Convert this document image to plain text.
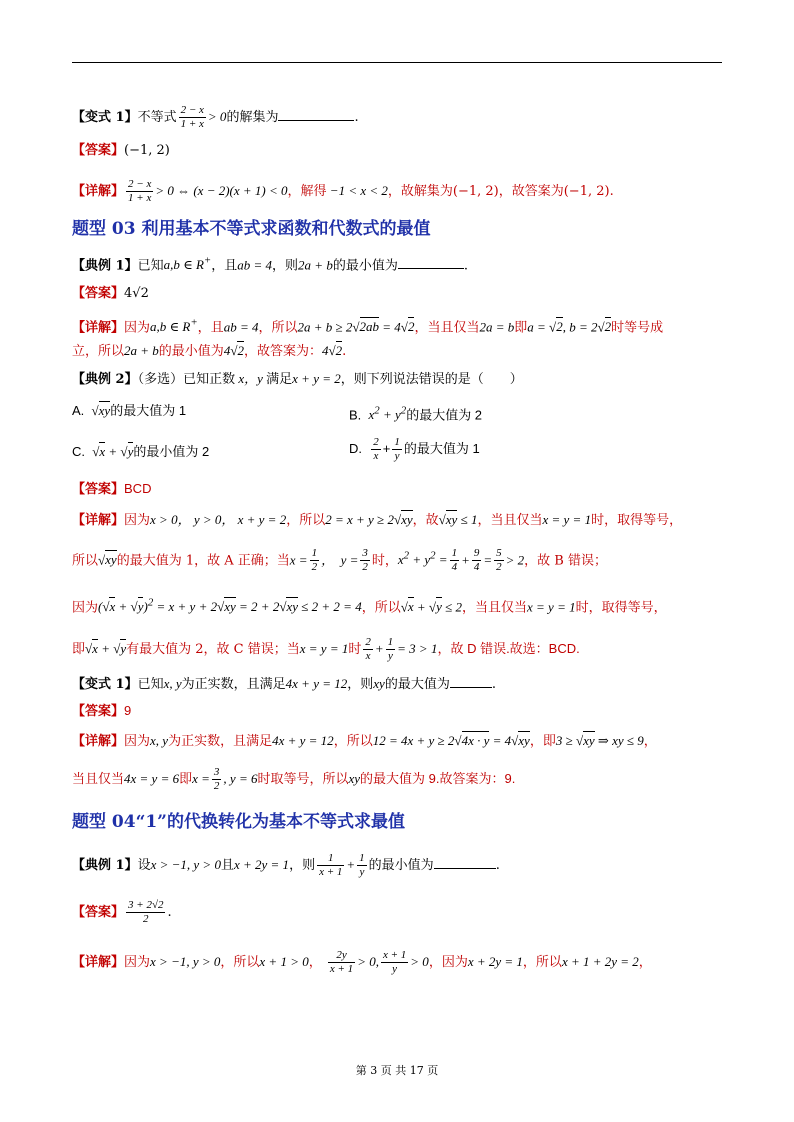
【变式 1】不等式 $\frac{2 - x}{1 + x} > 0$的解集为	.
【答案】(−1, 2)
【详解】 $\frac{2 - x}{1 + x} > 0$ ⇔ (x − 2)(x + 1) < 0，解得 −1 < x < 2，故解集为(−1, 2)，故答案为(−1, 2).
题型 03 利用基本不等式求函数和代数式的最值
【典例 1】已知a,b ∈ R+，且ab = 4，则2a + b的最小值为	.
【答案】4√2
【详解】因为a,b ∈ R+，且ab = 4，所以2a + b ≥ 2√2ab = 4√2，当且仅当2a = b即a = √2, b = 2√2时等号成
立，所以2a + b的最小值为4√2，故答案为：4√2.
【典例 2】（多选）已知正数 x，y 满足x + y = 2，则下列说法错误的是（　　）
A.  √xy的最大值为 1	B.  $x^2 + y^2$的最大值为 2
C.  √x + √y的最小值为 2	D. $\frac{2}{x} + \frac{1}{y}$ 的最大值为 1
【答案】BCD
【详解】因为x > 0， y > 0， x + y = 2，所以2 = x + y ≥ 2√xy，故√xy ≤ 1，当且仅当x = y = 1时，取得等号，
所以√xy的最大值为 1，故 A 正确；当$x = \frac{1}{2}$ ，  $y = \frac{3}{2}$ 时，$x^2 + y^2 = \frac{1}{4} + \frac{9}{4} = \frac{5}{2} > 2$，故 B 错误；
因为$(√x + √y)^2 = x + y + 2√xy = 2 + 2√xy \le 2 + 2 = 4$，所以√x + √y ≤ 2，当且仅当x = y = 1时，取得等号，
即√x + √y有最大值为 2，故 C 错误；当x = y = 1时 $\frac{2}{x} + \frac{1}{y} = 3 > 1$，故 D 错误.故选：BCD.
【变式 1】已知x, y为正实数，且满足4x + y = 12，则xy的最大值为	.
【答案】9
【详解】因为x, y为正实数，且满足4x + y = 12，所以12 = 4x + y ≥ 2√4x · y = 4√xy，即3 ≥ √xy ⇒ xy ≤ 9，
当且仅当4x = y = 6即$x = \frac{3}{2}$ , y = 6时取等号，所以xy的最大值为 9.故答案为：9.
题型 04“1”的代换转化为基本不等式求最值
【典例 1】设x > −1, y > 0且x + 2y = 1，则 $\frac{1}{x + 1} + \frac{1}{y}$ 的最小值为	.
【答案】 $\frac{3 + 2√2}{2}$ .
【详解】因为x > −1, y > 0，所以x + 1 > 0， $\frac{2y}{x + 1} > 0$, $\frac{x + 1}{y} > 0$，因为x + 2y = 1，所以x + 1 + 2y = 2，
第 3 页 共 17 页
